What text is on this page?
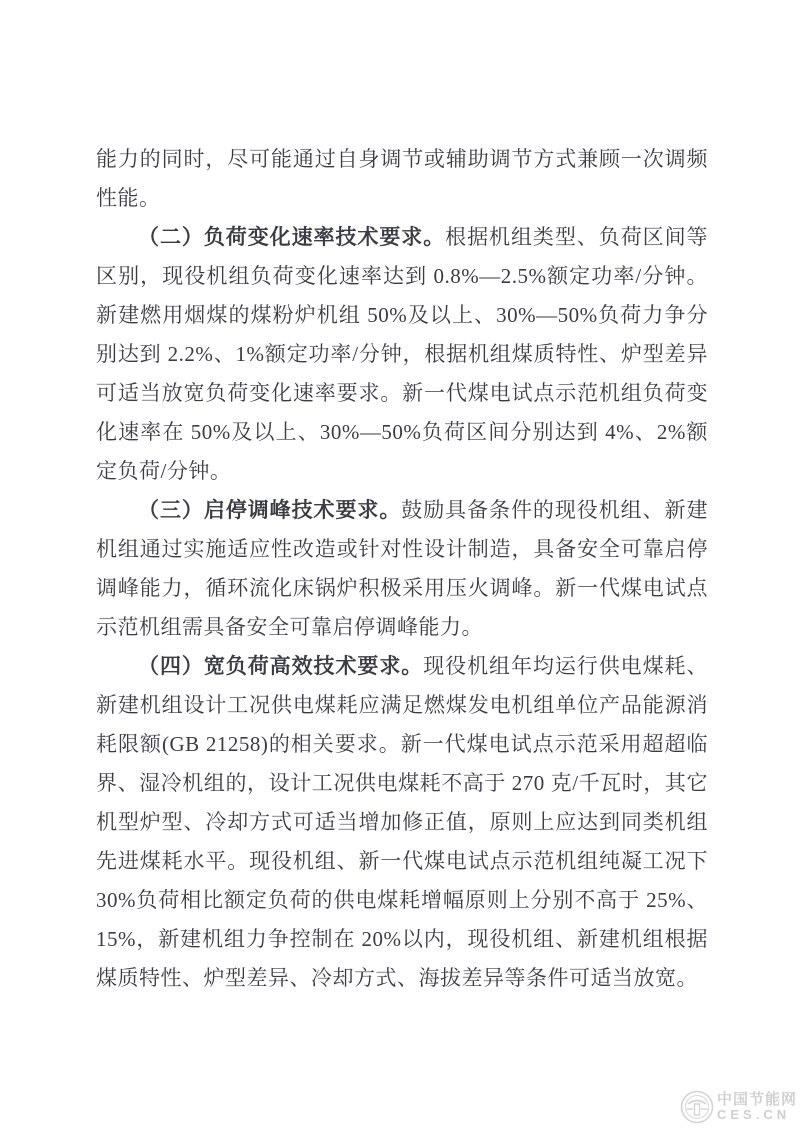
能力的同时，尽可能通过自身调节或辅助调节方式兼顾一次调频性能。

（二）负荷变化速率技术要求。根据机组类型、负荷区间等区别，现役机组负荷变化速率达到 0.8%—2.5%额定功率/分钟。新建燃用烟煤的煤粉炉机组 50%及以上、30%—50%负荷力争分别达到 2.2%、1%额定功率/分钟，根据机组煤质特性、炉型差异可适当放宽负荷变化速率要求。新一代煤电试点示范机组负荷变化速率在 50%及以上、30%—50%负荷区间分别达到 4%、2%额定负荷/分钟。

（三）启停调峰技术要求。鼓励具备条件的现役机组、新建机组通过实施适应性改造或针对性设计制造，具备安全可靠启停调峰能力，循环流化床锅炉积极采用压火调峰。新一代煤电试点示范机组需具备安全可靠启停调峰能力。

（四）宽负荷高效技术要求。现役机组年均运行供电煤耗、新建机组设计工况供电煤耗应满足燃煤发电机组单位产品能源消耗限额(GB 21258)的相关要求。新一代煤电试点示范采用超超临界、湿冷机组的，设计工况供电煤耗不高于 270 克/千瓦时，其它机型炉型、冷却方式可适当增加修正值，原则上应达到同类机组先进煤耗水平。现役机组、新一代煤电试点示范机组纯凝工况下 30%负荷相比额定负荷的供电煤耗增幅原则上分别不高于 25%、15%，新建机组力争控制在 20%以内，现役机组、新建机组根据煤质特性、炉型差异、冷却方式、海拔差异等条件可适当放宽。

中国节能网
CES.CN
